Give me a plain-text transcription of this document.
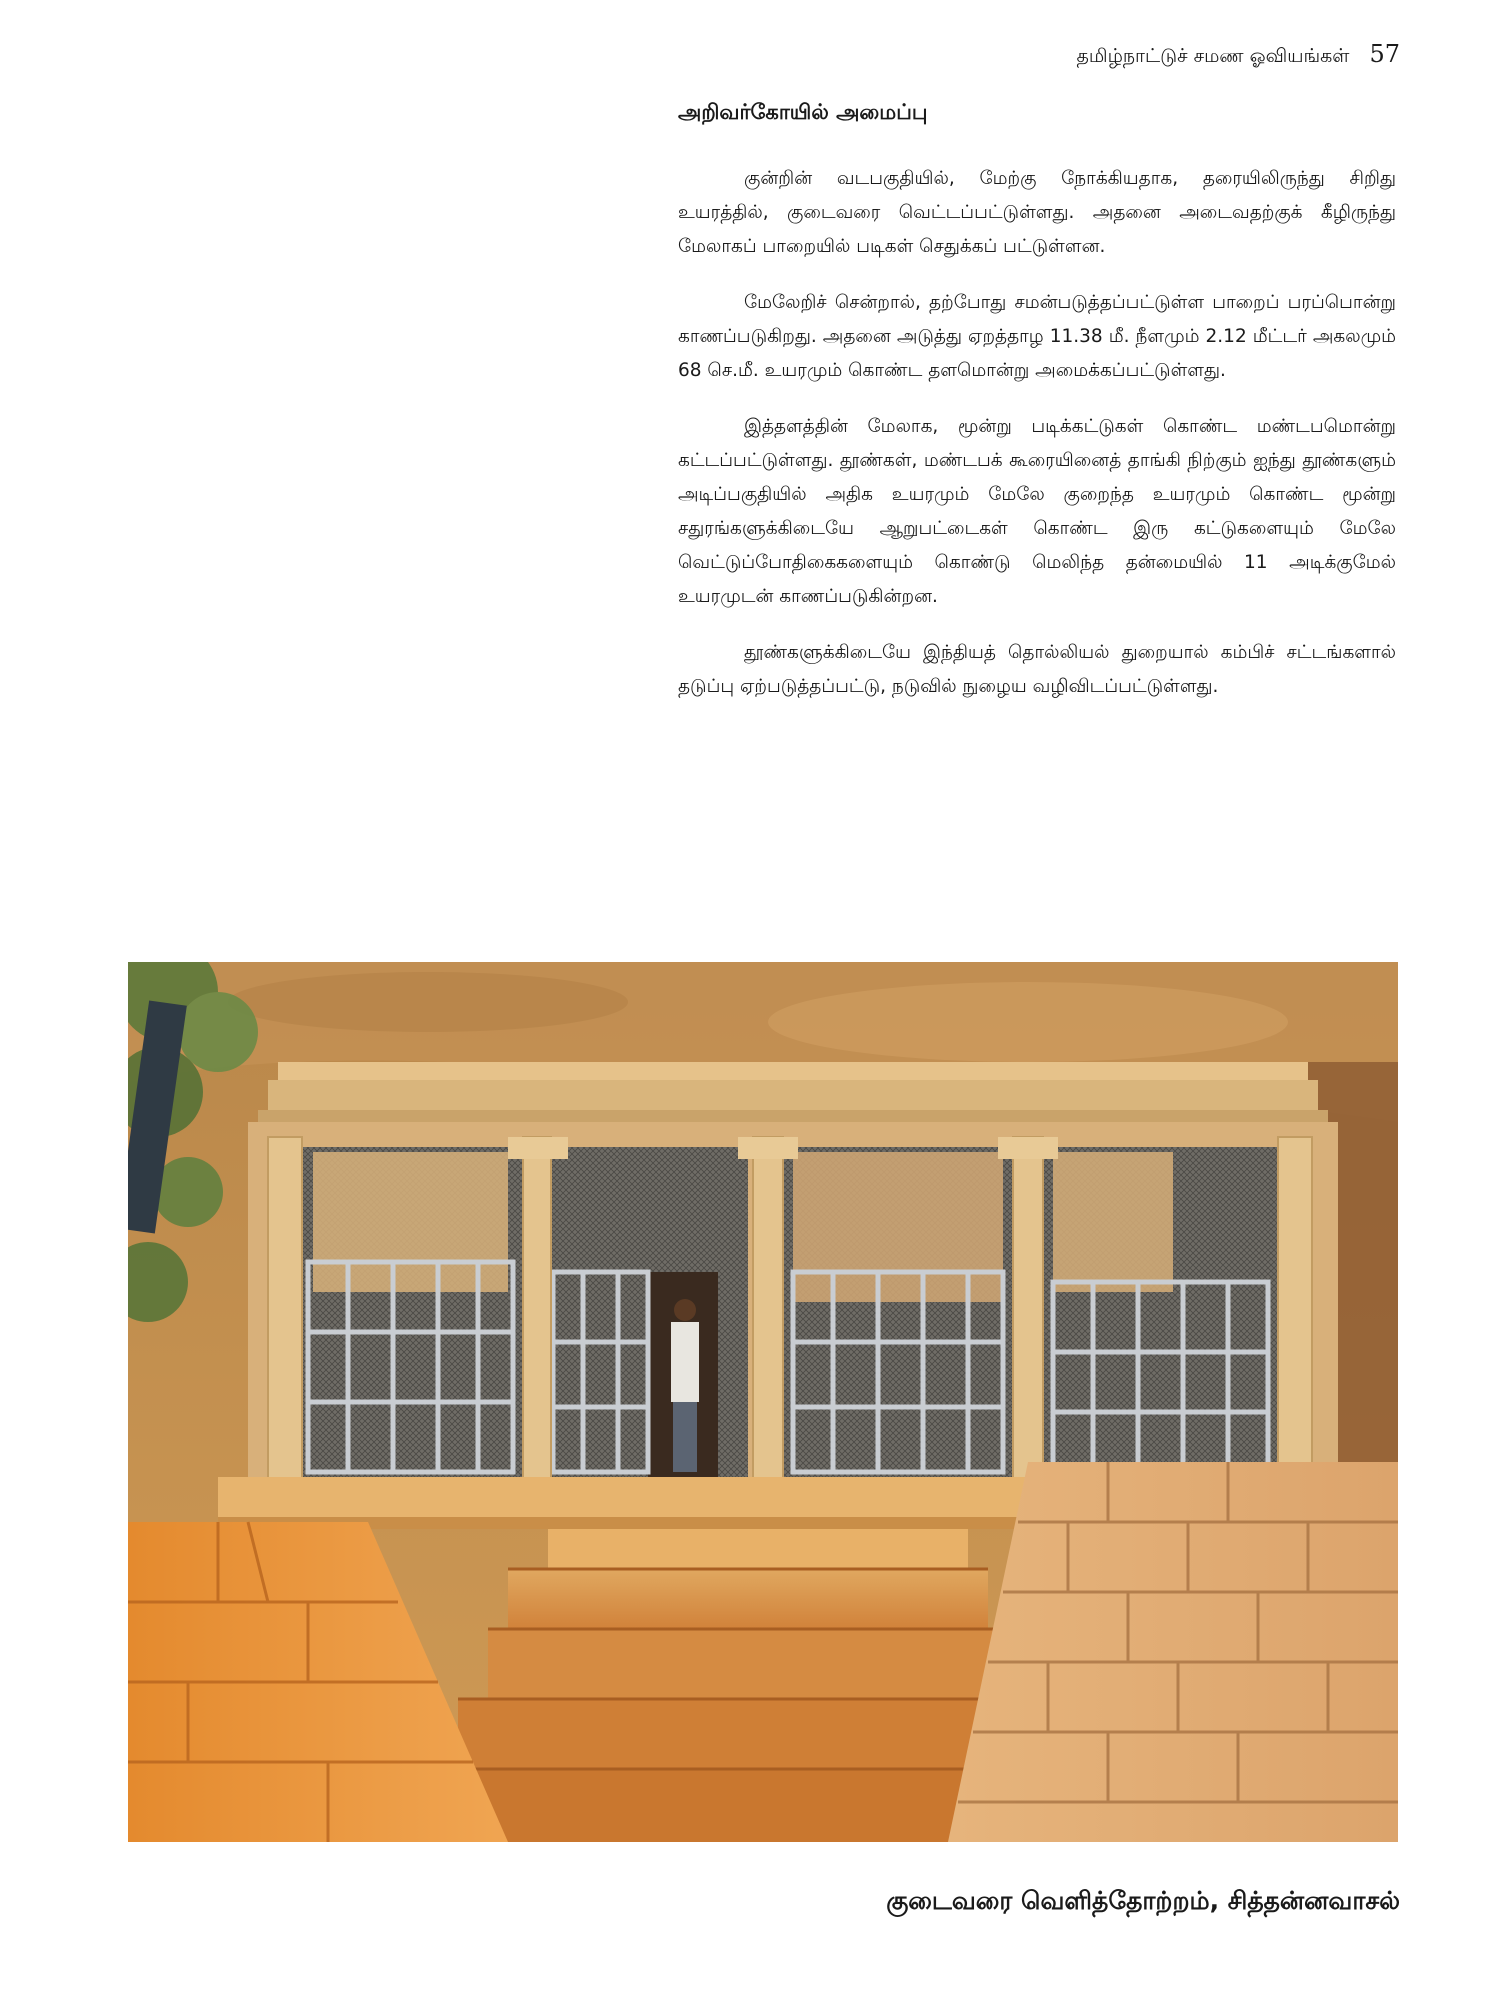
தமிழ்நாட்டுச் சமண ஓவியங்கள் 57
அறிவர்கோயில் அமைப்பு

குன்றின் வடபகுதியில், மேற்கு நோக்கியதாக, தரையிலிருந்து சிறிது உயரத்தில், குடைவரை வெட்டப்பட்டுள்ளது. அதனை அடைவதற்குக் கீழிருந்து மேலாகப் பாறையில் படிகள் செதுக்கப் பட்டுள்ளன.

மேலேறிச் சென்றால், தற்போது சமன்படுத்தப்பட்டுள்ள பாறைப் பரப்பொன்று காணப்படுகிறது. அதனை அடுத்து ஏறத்தாழ 11.38 மீ. நீளமும் 2.12 மீட்டர் அகலமும் 68 செ.மீ. உயரமும் கொண்ட தளமொன்று அமைக்கப்பட்டுள்ளது.

இத்தளத்தின் மேலாக, மூன்று படிக்கட்டுகள் கொண்ட மண்டபமொன்று கட்டப்பட்டுள்ளது. தூண்கள், மண்டபக் கூரையினைத் தாங்கி நிற்கும் ஐந்து தூண்களும் அடிப்பகுதியில் அதிக உயரமும் மேலே குறைந்த உயரமும் கொண்ட மூன்று சதுரங்களுக்கிடையே ஆறுபட்டைகள் கொண்ட இரு கட்டுகளையும் மேலே வெட்டுப்போதிகைகளையும் கொண்டு மெலிந்த தன்மையில் 11 அடிக்குமேல் உயரமுடன் காணப்படுகின்றன.

தூண்களுக்கிடையே இந்தியத் தொல்லியல் துறையால் கம்பிச் சட்டங்களால் தடுப்பு ஏற்படுத்தப்பட்டு, நடுவில் நுழைய வழிவிடப்பட்டுள்ளது.

குடைவரை வெளித்தோற்றம், சித்தன்னவாசல்
